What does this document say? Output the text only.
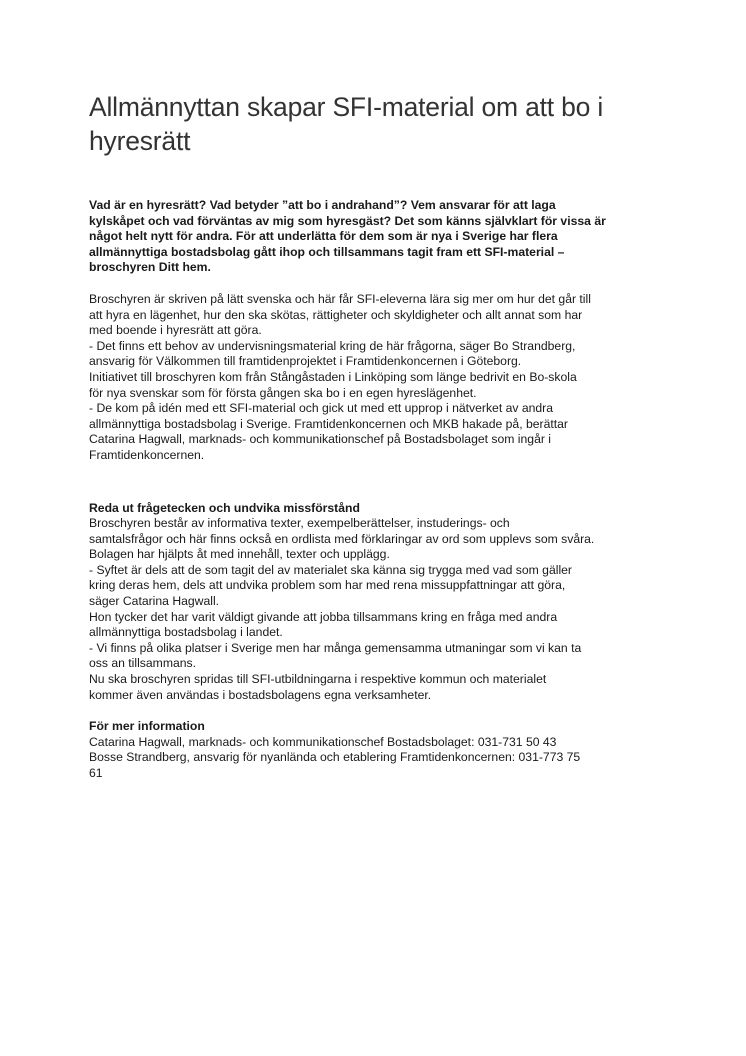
Allmännyttan skapar SFI-material om att bo i
hyresrätt

Vad är en hyresrätt? Vad betyder ”att bo i andrahand”? Vem ansvarar för att laga
kylskåpet och vad förväntas av mig som hyresgäst? Det som känns självklart för vissa är
något helt nytt för andra. För att underlätta för dem som är nya i Sverige har flera
allmännyttiga bostadsbolag gått ihop och tillsammans tagit fram ett SFI-material –
broschyren Ditt hem.

Broschyren är skriven på lätt svenska och här får SFI-eleverna lära sig mer om hur det går till
att hyra en lägenhet, hur den ska skötas, rättigheter och skyldigheter och allt annat som har
med boende i hyresrätt att göra.
- Det finns ett behov av undervisningsmaterial kring de här frågorna, säger Bo Strandberg,
ansvarig för Välkommen till framtidenprojektet i Framtidenkoncernen i Göteborg.
Initiativet till broschyren kom från Stångåstaden i Linköping som länge bedrivit en Bo-skola
för nya svenskar som för första gången ska bo i en egen hyreslägenhet.
- De kom på idén med ett SFI-material och gick ut med ett upprop i nätverket av andra
allmännyttiga bostadsbolag i Sverige. Framtidenkoncernen och MKB hakade på, berättar
Catarina Hagwall, marknads- och kommunikationschef på Bostadsbolaget som ingår i
Framtidenkoncernen.

Reda ut frågetecken och undvika missförstånd

Broschyren består av informativa texter, exempelberättelser, instuderings- och
samtalsfrågor och här finns också en ordlista med förklaringar av ord som upplevs som svåra.
Bolagen har hjälpts åt med innehåll, texter och upplägg.
- Syftet är dels att de som tagit del av materialet ska känna sig trygga med vad som gäller
kring deras hem, dels att undvika problem som har med rena missuppfattningar att göra,
säger Catarina Hagwall.
Hon tycker det har varit väldigt givande att jobba tillsammans kring en fråga med andra
allmännyttiga bostadsbolag i landet.
- Vi finns på olika platser i Sverige men har många gemensamma utmaningar som vi kan ta
oss an tillsammans.
Nu ska broschyren spridas till SFI-utbildningarna i respektive kommun och materialet
kommer även användas i bostadsbolagens egna verksamheter.

För mer information

Catarina Hagwall, marknads- och kommunikationschef Bostadsbolaget: 031-731 50 43
Bosse Strandberg, ansvarig för nyanlända och etablering Framtidenkoncernen: 031-773 75
61
